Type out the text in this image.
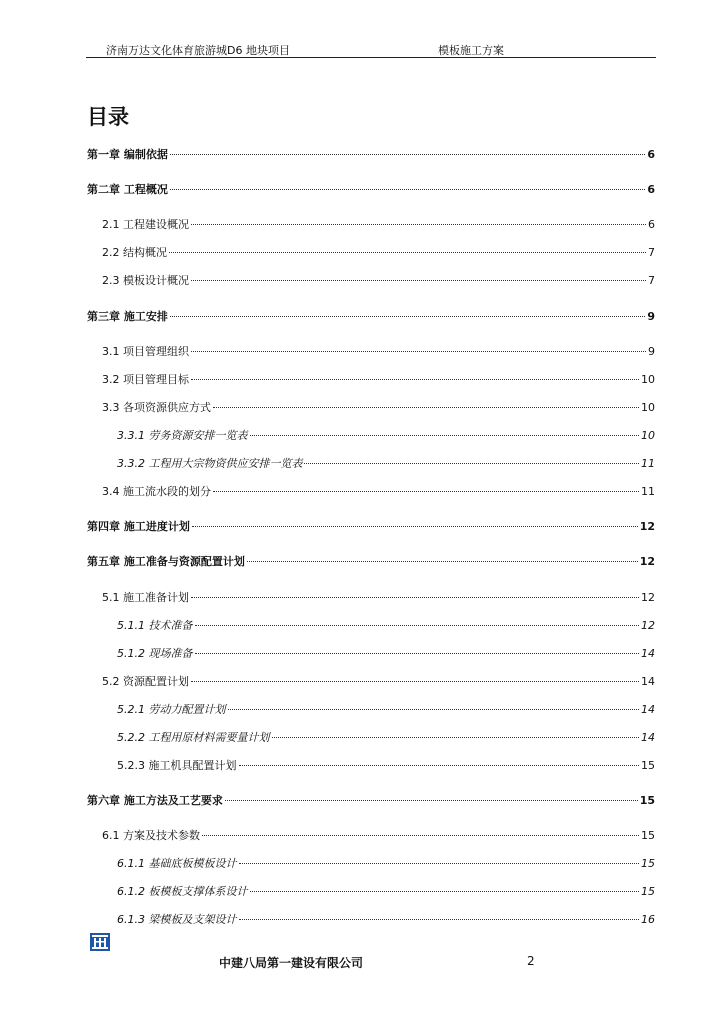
济南万达文化体育旅游城D6 地块项目	模板施工方案
目录
第一章 编制依据	6
第二章 工程概况	6
2.1 工程建设概况	6
2.2 结构概况	7
2.3 模板设计概况	7
第三章 施工安排	9
3.1 项目管理组织	9
3.2 项目管理目标	10
3.3 各项资源供应方式	10
3.3.1 劳务资源安排一览表	10
3.3.2 工程用大宗物资供应安排一览表	11
3.4 施工流水段的划分	11
第四章 施工进度计划	12
第五章 施工准备与资源配置计划	12
5.1 施工准备计划	12
5.1.1 技术准备	12
5.1.2 现场准备	14
5.2 资源配置计划	14
5.2.1 劳动力配置计划	14
5.2.2 工程用原材料需要量计划	14
5.2.3 施工机具配置计划	15
第六章 施工方法及工艺要求	15
6.1 方案及技术参数	15
6.1.1 基础底板模板设计	15
6.1.2 板模板支撑体系设计	15
6.1.3 梁模板及支架设计	16
中建八局第一建设有限公司	2
